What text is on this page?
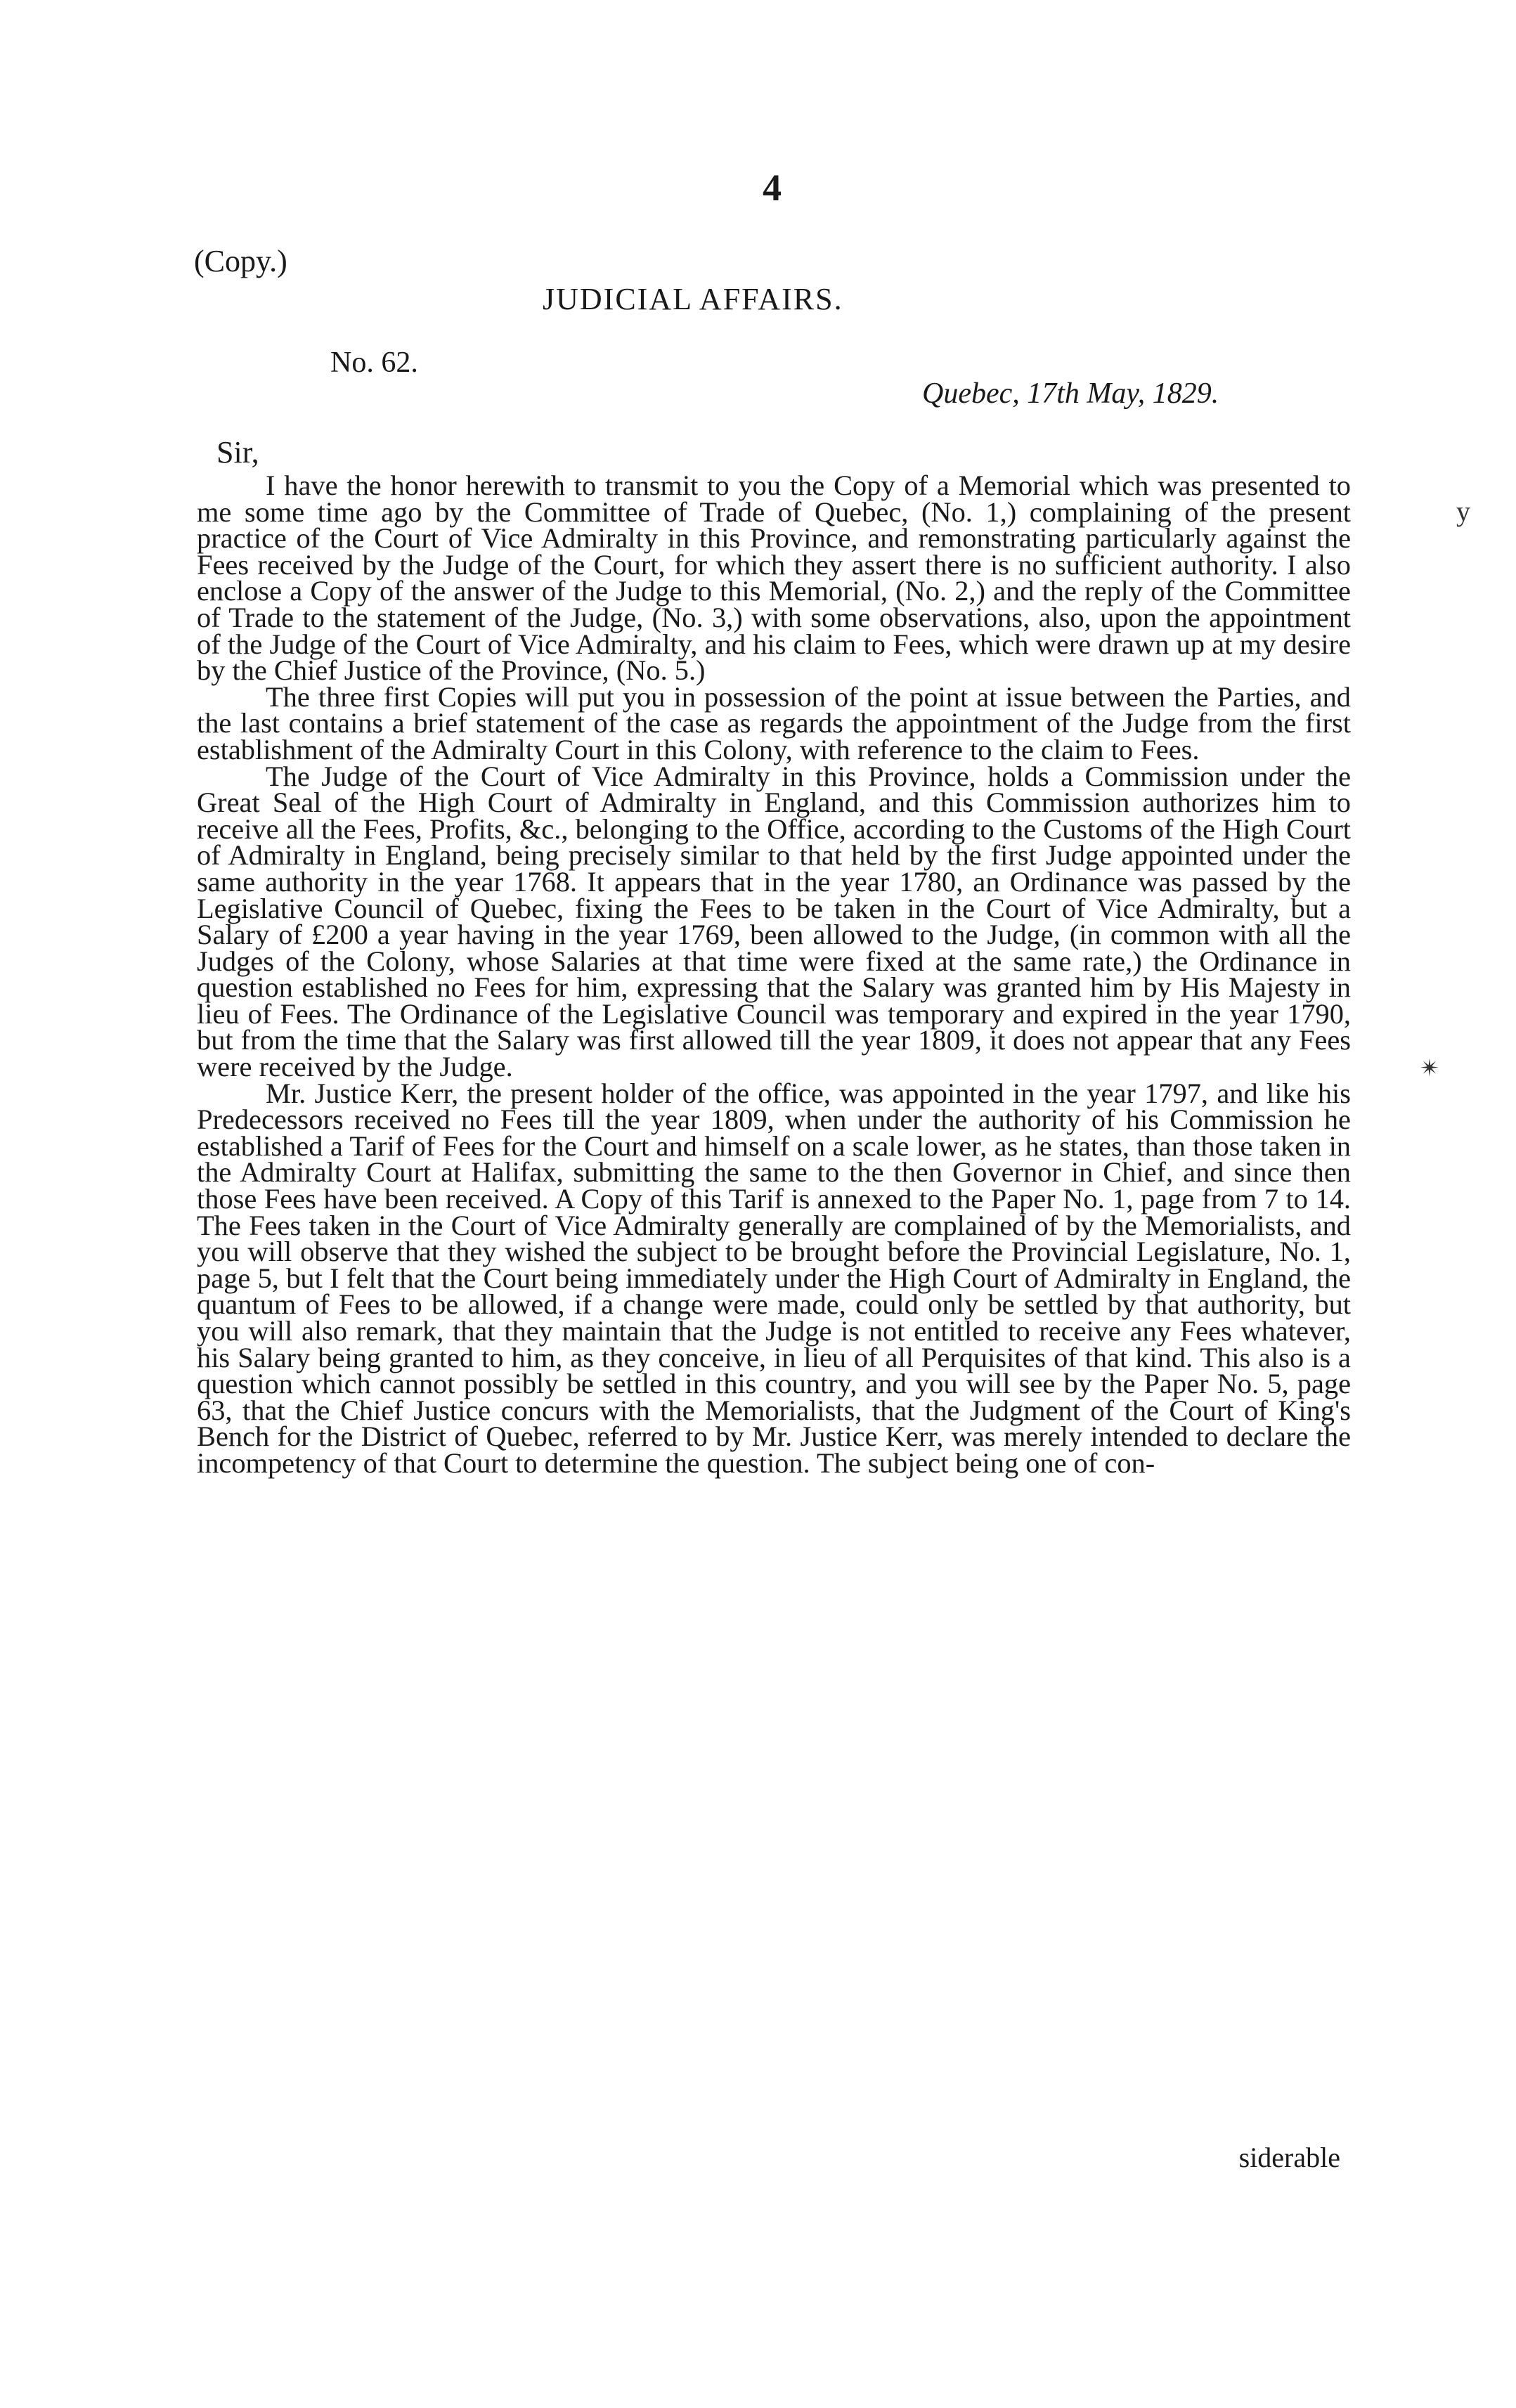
4
(Copy.)
JUDICIAL AFFAIRS.
No. 62.
Quebec, 17th May, 1829.
Sir,

I have the honor herewith to transmit to you the Copy of a Memorial which was presented to me some time ago by the Committee of Trade of Quebec, (No. 1,) complaining of the present practice of the Court of Vice Admiralty in this Province, and remonstrating particularly against the Fees received by the Judge of the Court, for which they assert there is no sufficient authority. I also enclose a Copy of the answer of the Judge to this Memorial, (No. 2,) and the reply of the Committee of Trade to the statement of the Judge, (No. 3,) with some observations, also, upon the appointment of the Judge of the Court of Vice Admiralty, and his claim to Fees, which were drawn up at my desire by the Chief Justice of the Province, (No. 5.)

The three first Copies will put you in possession of the point at issue between the Parties, and the last contains a brief statement of the case as regards the appointment of the Judge from the first establishment of the Admiralty Court in this Colony, with reference to the claim to Fees.

The Judge of the Court of Vice Admiralty in this Province, holds a Commission under the Great Seal of the High Court of Admiralty in England, and this Commission authorizes him to receive all the Fees, Profits, &c., belonging to the Office, according to the Customs of the High Court of Admiralty in England, being precisely similar to that held by the first Judge appointed under the same authority in the year 1768. It appears that in the year 1780, an Ordinance was passed by the Legislative Council of Quebec, fixing the Fees to be taken in the Court of Vice Admiralty, but a Salary of £200 a year having in the year 1769, been allowed to the Judge, (in common with all the Judges of the Colony, whose Salaries at that time were fixed at the same rate,) the Ordinance in question established no Fees for him, expressing that the Salary was granted him by His Majesty in lieu of Fees. The Ordinance of the Legislative Council was temporary and expired in the year 1790, but from the time that the Salary was first allowed till the year 1809, it does not appear that any Fees were received by the Judge.

Mr. Justice Kerr, the present holder of the office, was appointed in the year 1797, and like his Predecessors received no Fees till the year 1809, when under the authority of his Commission he established a Tarif of Fees for the Court and himself on a scale lower, as he states, than those taken in the Admiralty Court at Halifax, submitting the same to the then Governor in Chief, and since then those Fees have been received. A Copy of this Tarif is annexed to the Paper No. 1, page from 7 to 14. The Fees taken in the Court of Vice Admiralty generally are complained of by the Memorialists, and you will observe that they wished the subject to be brought before the Provincial Legislature, No. 1, page 5, but I felt that the Court being immediately under the High Court of Admiralty in England, the quantum of Fees to be allowed, if a change were made, could only be settled by that authority, but you will also remark, that they maintain that the Judge is not entitled to receive any Fees whatever, his Salary being granted to him, as they conceive, in lieu of all Perquisites of that kind. This also is a question which cannot possibly be settled in this country, and you will see by the Paper No. 5, page 63, that the Chief Justice concurs with the Memorialists, that the Judgment of the Court of King's Bench for the District of Quebec, referred to by Mr. Justice Kerr, was merely intended to declare the incompetency of that Court to determine the question. The subject being one of con-

siderable
y
✴
